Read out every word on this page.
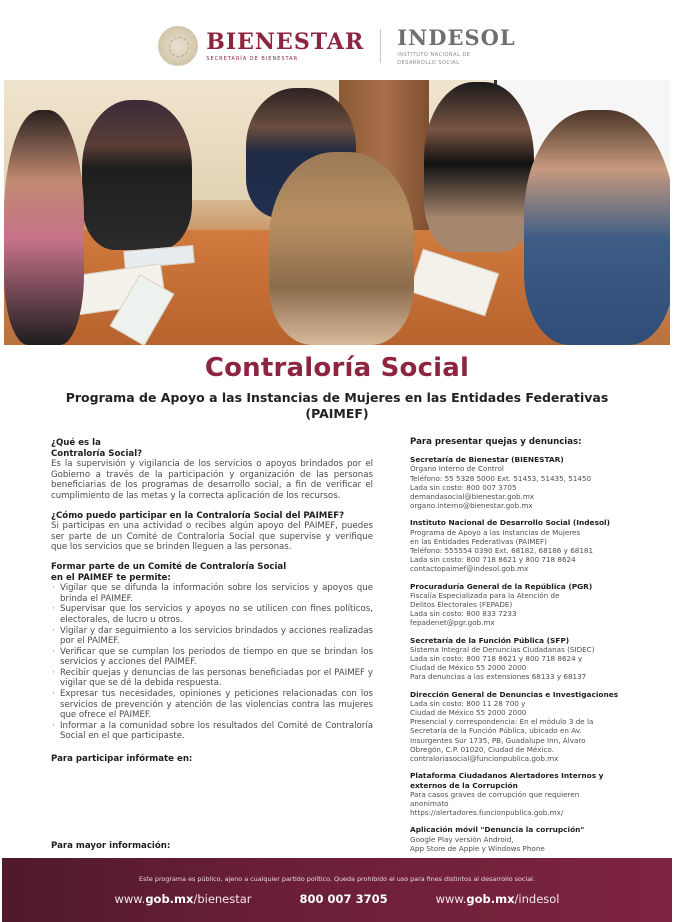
BIENESTAR
SECRETARÍA DE BIENESTAR
INDESOL
INSTITUTO NACIONAL DE
DESARROLLO SOCIAL
Contraloría Social
Programa de Apoyo a las Instancias de Mujeres en las Entidades Federativas
(PAIMEF)
¿Qué es la
Contraloría Social?

Es la supervisión y vigilancia de los servicios o apoyos brindados por el Gobierno a través de la participación y organización de las personas beneficiarias de los programas de desarrollo social, a fin de verificar el cumplimiento de las metas y la correcta aplicación de los recursos.

¿Cómo puedo participar en la Contraloría Social del PAIMEF?

Si participas en una actividad o recibes algún apoyo del PAIMEF, puedes ser parte de un Comité de Contraloría Social que supervise y verifique que los servicios que se brinden lleguen a las personas.

Formar parte de un Comité de Contraloría Social
en el PAIMEF te permite:
· Vigilar que se difunda la información sobre los servicios y apoyos que brinda el PAIMEF.
· Supervisar que los servicios y apoyos no se utilicen con fines políticos, electorales, de lucro u otros.
· Vigilar y dar seguimiento a los servicios brindados y acciones realizadas por el PAIMEF.
· Verificar que se cumplan los periodos de tiempo en que se brindan los servicios y acciones del PAIMEF.
· Recibir quejas y denuncias de las personas beneficiadas por el PAIMEF y vigilar que se dé la debida respuesta.
· Expresar tus necesidades, opiniones y peticiones relacionadas con los servicios de prevención y atención de las violencias contra las mujeres que ofrece el PAIMEF.
· Informar a la comunidad sobre los resultados del Comité de Contraloría Social en el que participaste.
Para participar infórmate en:
Para mayor información:
Para presentar quejas y denuncias:
Secretaría de Bienestar (BIENESTAR)
Órgano Interno de Control
Teléfono: 55 5328 5000 Ext. 51453, 51435, 51450
Lada sin costo: 800 007 3705
demandasocial@bienestar.gob.mx
organo.interno@bienestar.gob.mx
Instituto Nacional de Desarrollo Social (Indesol)
Programa de Apoyo a las Instancias de Mujeres
en las Entidades Federativas (PAIMEF)
Teléfono: 555554 0390 Ext. 68182, 68186 y 68181
Lada sin costo: 800 718 8621 y 800 718 8624
contactopaimef@indesol.gob.mx
Procuraduría General de la República (PGR)
Fiscalía Especializada para la Atención de
Delitos Electorales (FEPADE)
Lada sin costo: 800 833 7233
fepadenet@pgr.gob.mx
Secretaría de la Función Pública (SFP)
Sistema Integral de Denuncias Ciudadanas (SIDEC)
Lada sin costo: 800 718 8621 y 800 718 8624 y
Ciudad de México 55 2000 2000
Para denuncias a las extensiones 68133 y 68137
Dirección General de Denuncias e Investigaciones
Lada sin costo: 800 11 28 700 y
Ciudad de México 55 2000 2000
Presencial y correspondencia: En el módulo 3 de la
Secretaría de la Función Pública, ubicado en Av.
Insurgentes Sur 1735, PB, Guadalupe Inn, Álvaro
Obregón, C.P. 01020, Ciudad de México.
contraloriasocial@funcionpublica.gob.mx
Plataforma Ciudadanos Alertadores Internos y
externos de la Corrupción
Para casos graves de corrupción que requieren
anonimato
https://alertadores.funcionpublica.gob.mx/
Aplicación móvil "Denuncia la corrupción"
Google Play versión Android,
App Store de Apple y Windows Phone
Este programa es público, ajeno a cualquier partido político. Queda prohibido el uso para fines distintos al desarrollo social.
www.gob.mx/bienestar	800 007 3705	www.gob.mx/indesol
